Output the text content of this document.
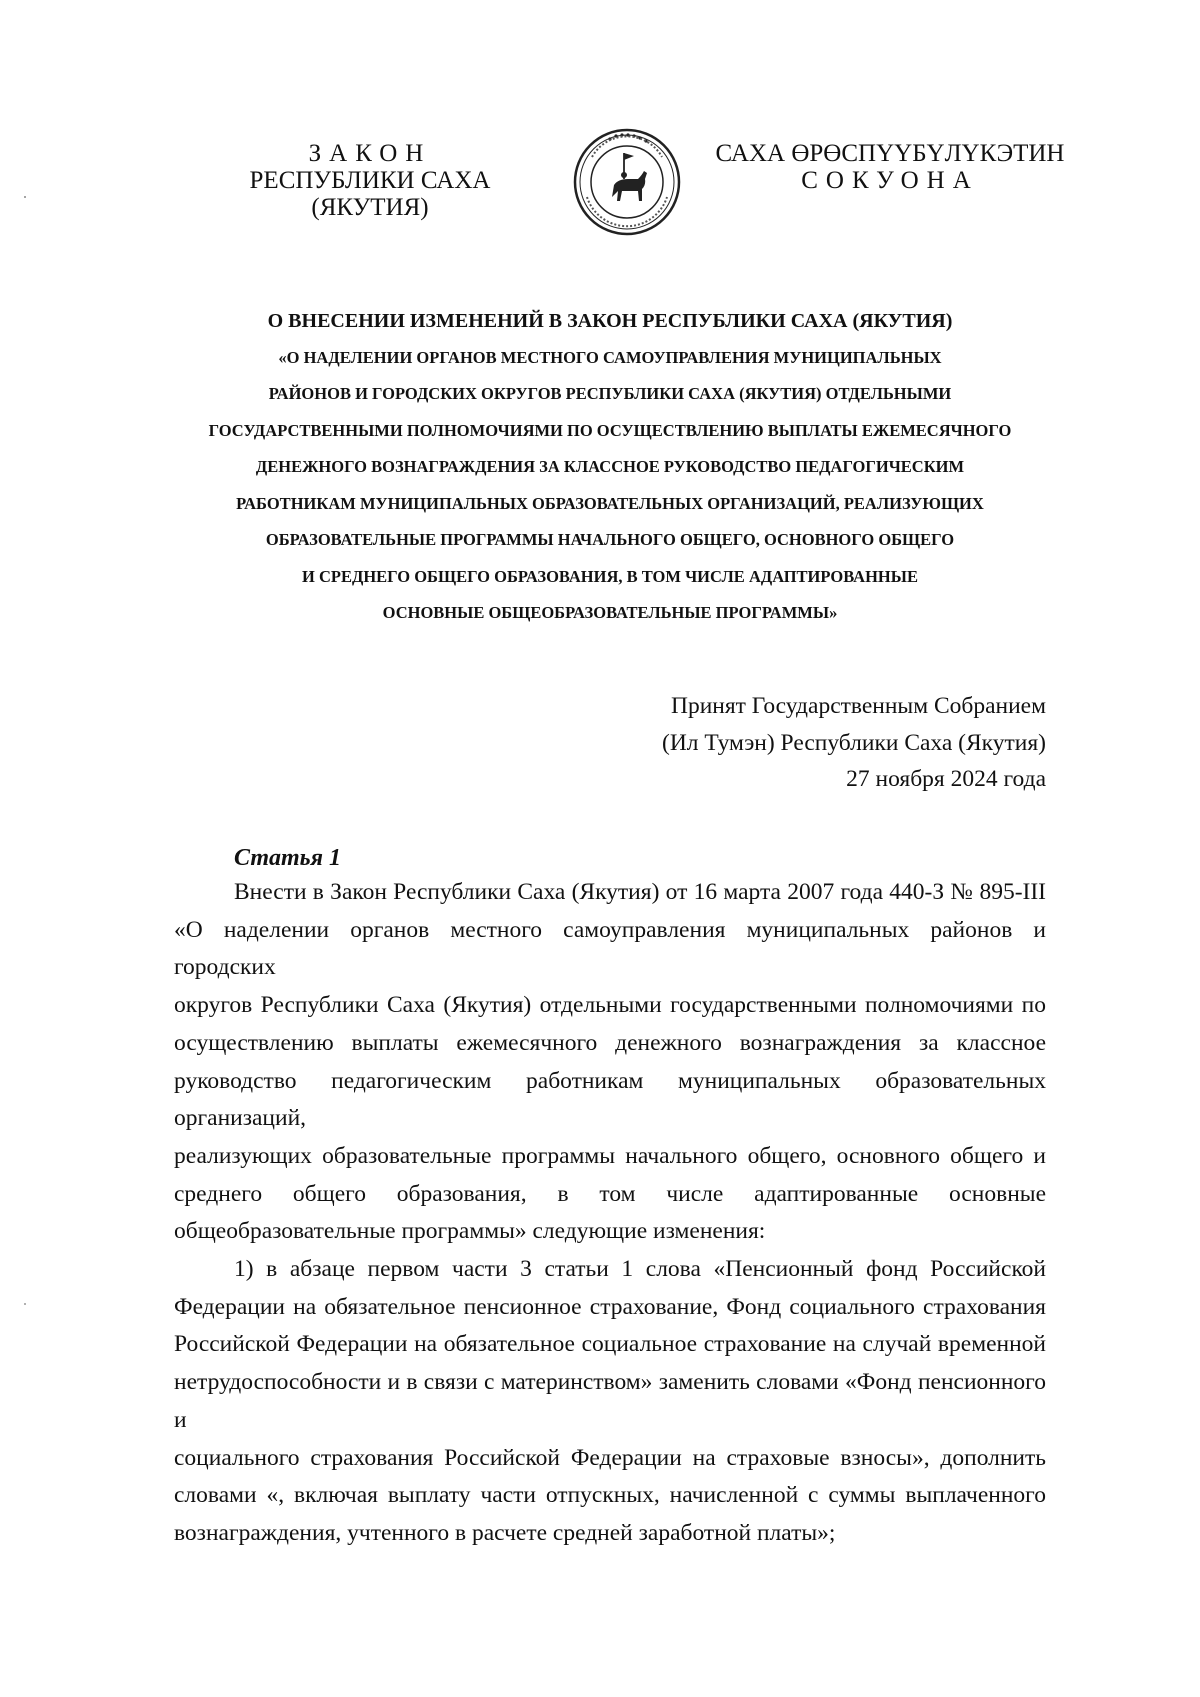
ЗАКОН
РЕСПУБЛИКИ САХА (ЯКУТИЯ)
САХА ӨРӨСПҮҮБҮЛҮКЭТИН
СОКУОНА
О ВНЕСЕНИИ ИЗМЕНЕНИЙ В ЗАКОН РЕСПУБЛИКИ САХА (ЯКУТИЯ)
«О НАДЕЛЕНИИ ОРГАНОВ МЕСТНОГО САМОУПРАВЛЕНИЯ МУНИЦИПАЛЬНЫХ
РАЙОНОВ И ГОРОДСКИХ ОКРУГОВ РЕСПУБЛИКИ САХА (ЯКУТИЯ) ОТДЕЛЬНЫМИ
ГОСУДАРСТВЕННЫМИ ПОЛНОМОЧИЯМИ ПО ОСУЩЕСТВЛЕНИЮ ВЫПЛАТЫ ЕЖЕМЕСЯЧНОГО
ДЕНЕЖНОГО ВОЗНАГРАЖДЕНИЯ ЗА КЛАССНОЕ РУКОВОДСТВО ПЕДАГОГИЧЕСКИМ
РАБОТНИКАМ МУНИЦИПАЛЬНЫХ ОБРАЗОВАТЕЛЬНЫХ ОРГАНИЗАЦИЙ, РЕАЛИЗУЮЩИХ
ОБРАЗОВАТЕЛЬНЫЕ ПРОГРАММЫ НАЧАЛЬНОГО ОБЩЕГО, ОСНОВНОГО ОБЩЕГО
И СРЕДНЕГО ОБЩЕГО ОБРАЗОВАНИЯ, В ТОМ ЧИСЛЕ АДАПТИРОВАННЫЕ
ОСНОВНЫЕ ОБЩЕОБРАЗОВАТЕЛЬНЫЕ ПРОГРАММЫ»
Принят Государственным Собранием
(Ил Тумэн) Республики Саха (Якутия)
27 ноября 2024 года
Статья 1

Внести в Закон Республики Саха (Якутия) от 16 марта 2007 года 440-З № 895-III

«О наделении органов местного самоуправления муниципальных районов и городских

округов Республики Саха (Якутия) отдельными государственными полномочиями по

осуществлению выплаты ежемесячного денежного вознаграждения за классное

руководство педагогическим работникам муниципальных образовательных организаций,

реализующих образовательные программы начального общего, основного общего и

среднего общего образования, в том числе адаптированные основные

общеобразовательные программы» следующие изменения:

1) в абзаце первом части 3 статьи 1 слова «Пенсионный фонд Российской

Федерации на обязательное пенсионное страхование, Фонд социального страхования

Российской Федерации на обязательное социальное страхование на случай временной

нетрудоспособности и в связи с материнством» заменить словами «Фонд пенсионного и

социального страхования Российской Федерации на страховые взносы», дополнить

словами «, включая выплату части отпускных, начисленной с суммы выплаченного

вознаграждения, учтенного в расчете средней заработной платы»;
